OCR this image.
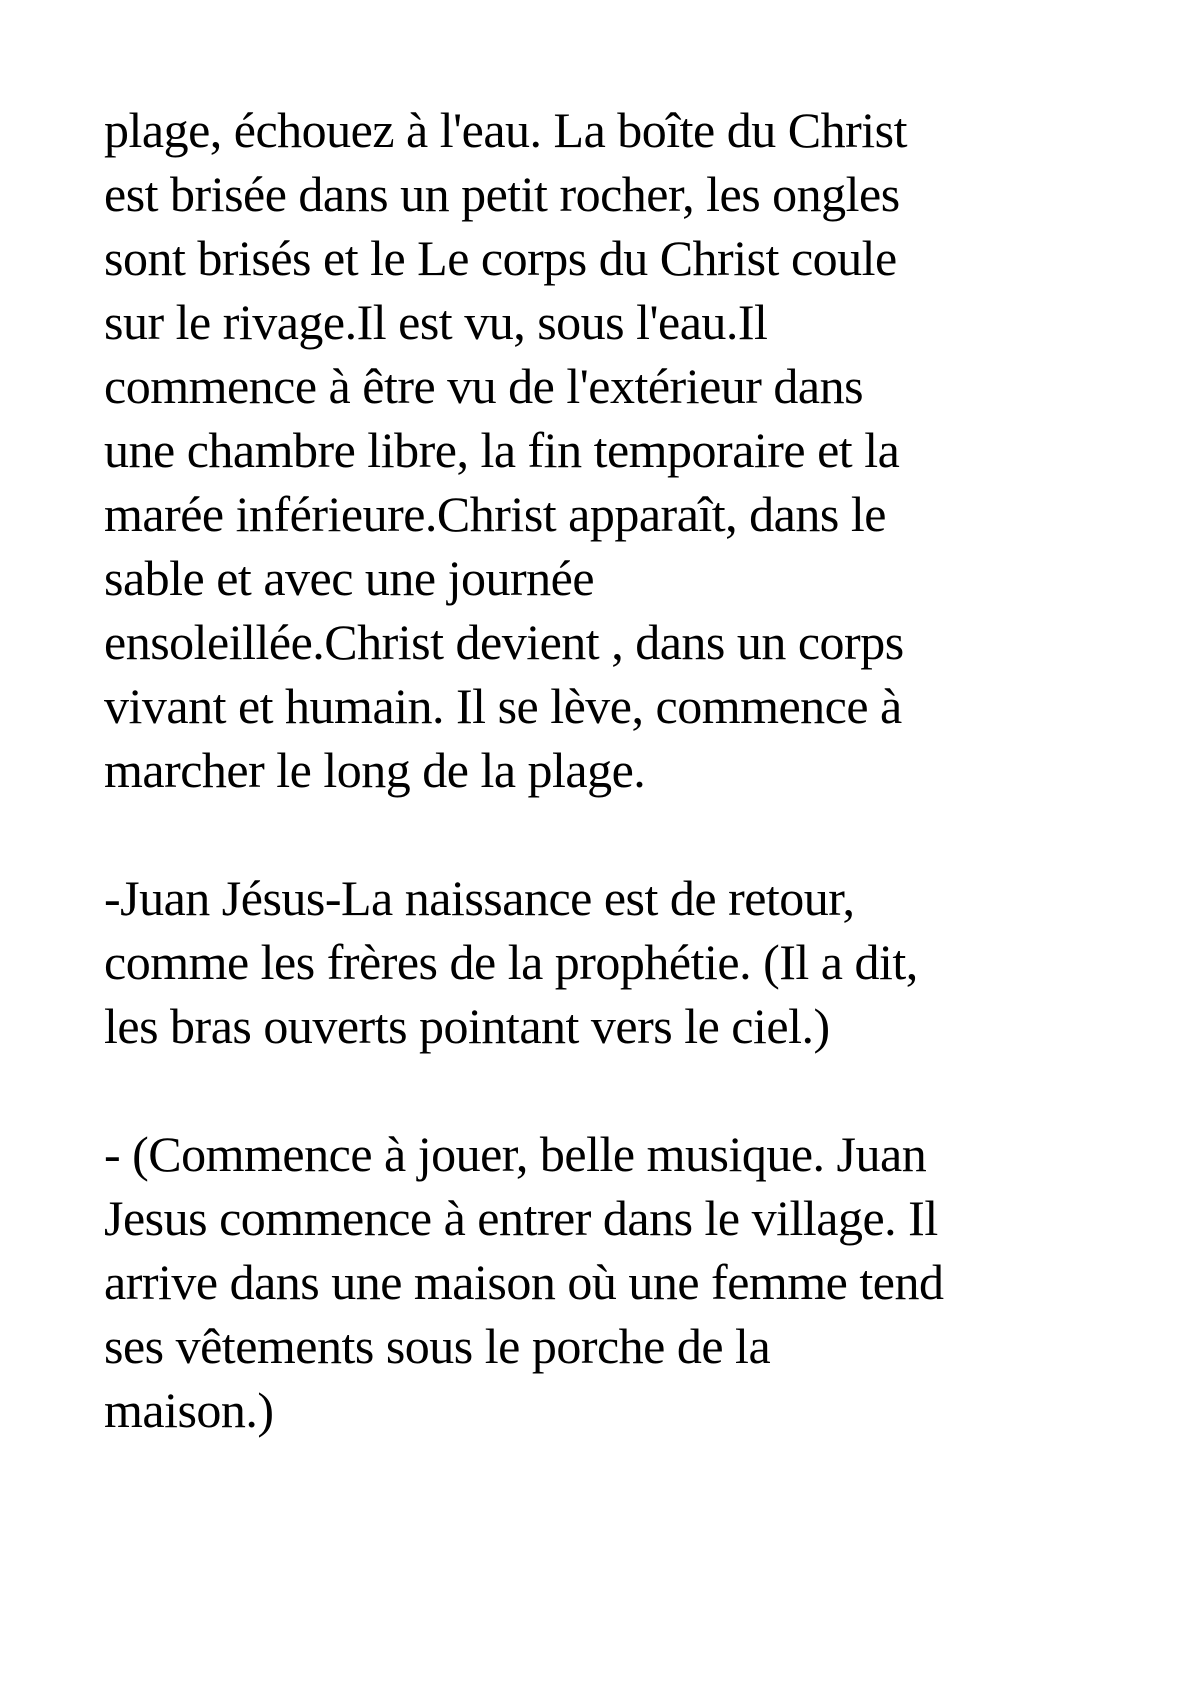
plage, échouez à l'eau. La boîte du Christ
est brisée dans un petit rocher, les ongles
sont brisés et le Le corps du Christ coule
sur le rivage.Il est vu, sous l'eau.Il
commence à être vu de l'extérieur dans
une chambre libre, la fin temporaire et la
marée inférieure.Christ apparaît, dans le
sable et avec une journée
ensoleillée.Christ devient , dans un corps
vivant et humain. Il se lève, commence à
marcher le long de la plage.
-Juan Jésus-La naissance est de retour,
comme les frères de la prophétie. (Il a dit,
les bras ouverts pointant vers le ciel.)
- (Commence à jouer, belle musique. Juan
Jesus commence à entrer dans le village. Il
arrive dans une maison où une femme tend
ses vêtements sous le porche de la
maison.)
